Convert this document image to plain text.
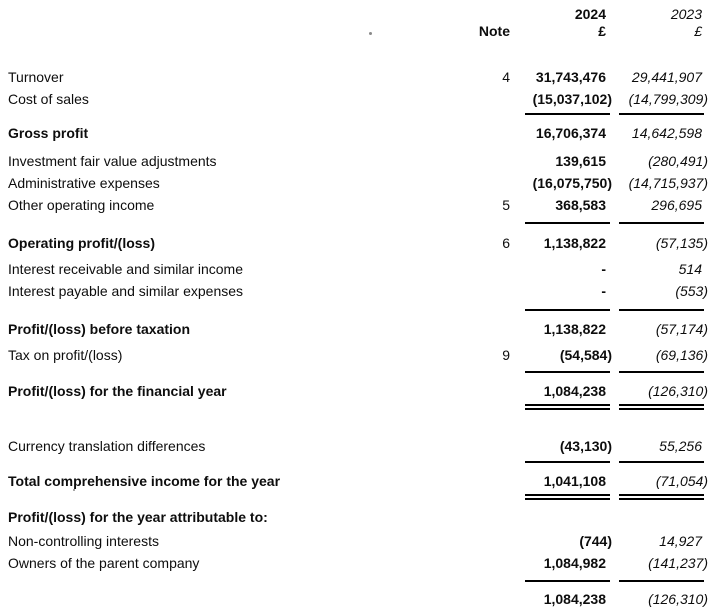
2024	2023
Note	£	£
Turnover	4	31,743,476	29,441,907
Cost of sales	(15,037,102)	(14,799,309)
Gross profit	16,706,374	14,642,598
Investment fair value adjustments	139,615	(280,491)
Administrative expenses	(16,075,750)	(14,715,937)
Other operating income	5	368,583	296,695
Operating profit/(loss)	6	1,138,822	(57,135)
Interest receivable and similar income	-	514
Interest payable and similar expenses	-	(553)
Profit/(loss) before taxation	1,138,822	(57,174)
Tax on profit/(loss)	9	(54,584)	(69,136)
Profit/(loss) for the financial year	1,084,238	(126,310)
Currency translation differences	(43,130)	55,256
Total comprehensive income for the year	1,041,108	(71,054)
Profit/(loss) for the year attributable to:
Non-controlling interests	(744)	14,927
Owners of the parent company	1,084,982	(141,237)
1,084,238	(126,310)
